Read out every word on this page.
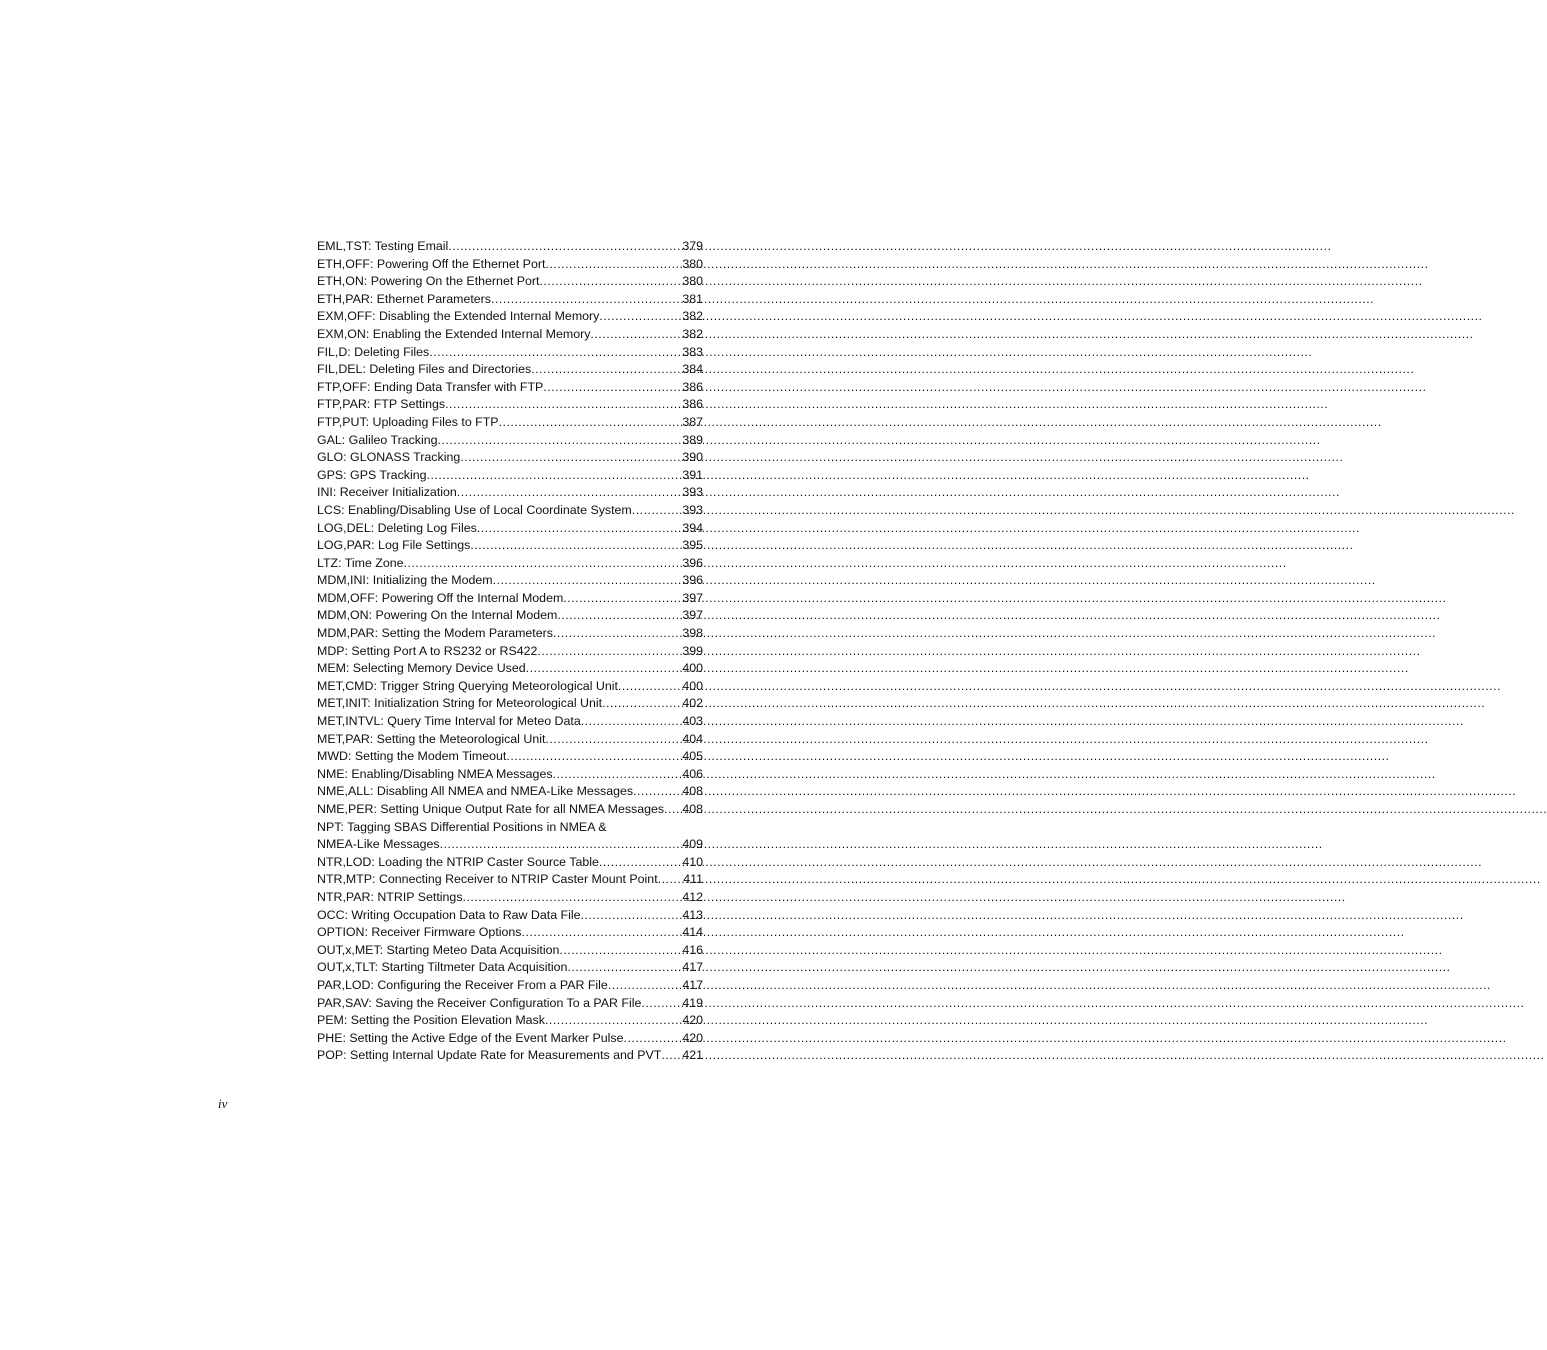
EML,TST: Testing Email .....	379
ETH,OFF: Powering Off the Ethernet Port .....	380
ETH,ON: Powering On the Ethernet Port .....	380
ETH,PAR: Ethernet Parameters .....	381
EXM,OFF: Disabling the Extended Internal Memory .....	382
EXM,ON: Enabling the Extended Internal Memory .....	382
FIL,D: Deleting Files .....	383
FIL,DEL: Deleting Files and Directories .....	384
FTP,OFF: Ending Data Transfer with FTP .....	386
FTP,PAR: FTP Settings .....	386
FTP,PUT: Uploading Files to FTP .....	387
GAL: Galileo Tracking .....	389
GLO: GLONASS Tracking .....	390
GPS: GPS Tracking .....	391
INI: Receiver Initialization .....	393
LCS: Enabling/Disabling Use of Local Coordinate System .....	393
LOG,DEL: Deleting Log Files .....	394
LOG,PAR: Log File Settings .....	395
LTZ: Time Zone .....	396
MDM,INI: Initializing the Modem .....	396
MDM,OFF: Powering Off the Internal Modem .....	397
MDM,ON: Powering On the Internal Modem .....	397
MDM,PAR: Setting the Modem Parameters .....	398
MDP: Setting Port A to RS232 or RS422 .....	399
MEM: Selecting Memory Device Used .....	400
MET,CMD: Trigger String Querying Meteorological Unit .....	400
MET,INIT: Initialization String for Meteorological Unit .....	402
MET,INTVL: Query Time Interval for Meteo Data .....	403
MET,PAR: Setting the Meteorological Unit .....	404
MWD: Setting the Modem Timeout .....	405
NME: Enabling/Disabling NMEA Messages .....	406
NME,ALL: Disabling All NMEA and NMEA-Like Messages .....	408
NME,PER: Setting Unique Output Rate for all NMEA Messages ..... 408
NPT: Tagging SBAS Differential Positions in NMEA &
NMEA-Like Messages .....	409
NTR,LOD: Loading the NTRIP Caster Source Table .....	410
NTR,MTP: Connecting Receiver to NTRIP Caster Mount Point ..... 411
NTR,PAR: NTRIP Settings .....	412
OCC: Writing Occupation Data to Raw Data File .....	413
OPTION: Receiver Firmware Options .....	414
OUT,x,MET: Starting Meteo Data Acquisition .....	416
OUT,x,TLT: Starting Tiltmeter Data Acquisition .....	417
PAR,LOD: Configuring the Receiver From a PAR File .....	417
PAR,SAV: Saving the Receiver Configuration To a PAR File .....	419
PEM: Setting the Position Elevation Mask .....	420
PHE: Setting the Active Edge of the Event Marker Pulse .....	420
POP: Setting Internal Update Rate for Measurements and PVT ..... 421
iv
